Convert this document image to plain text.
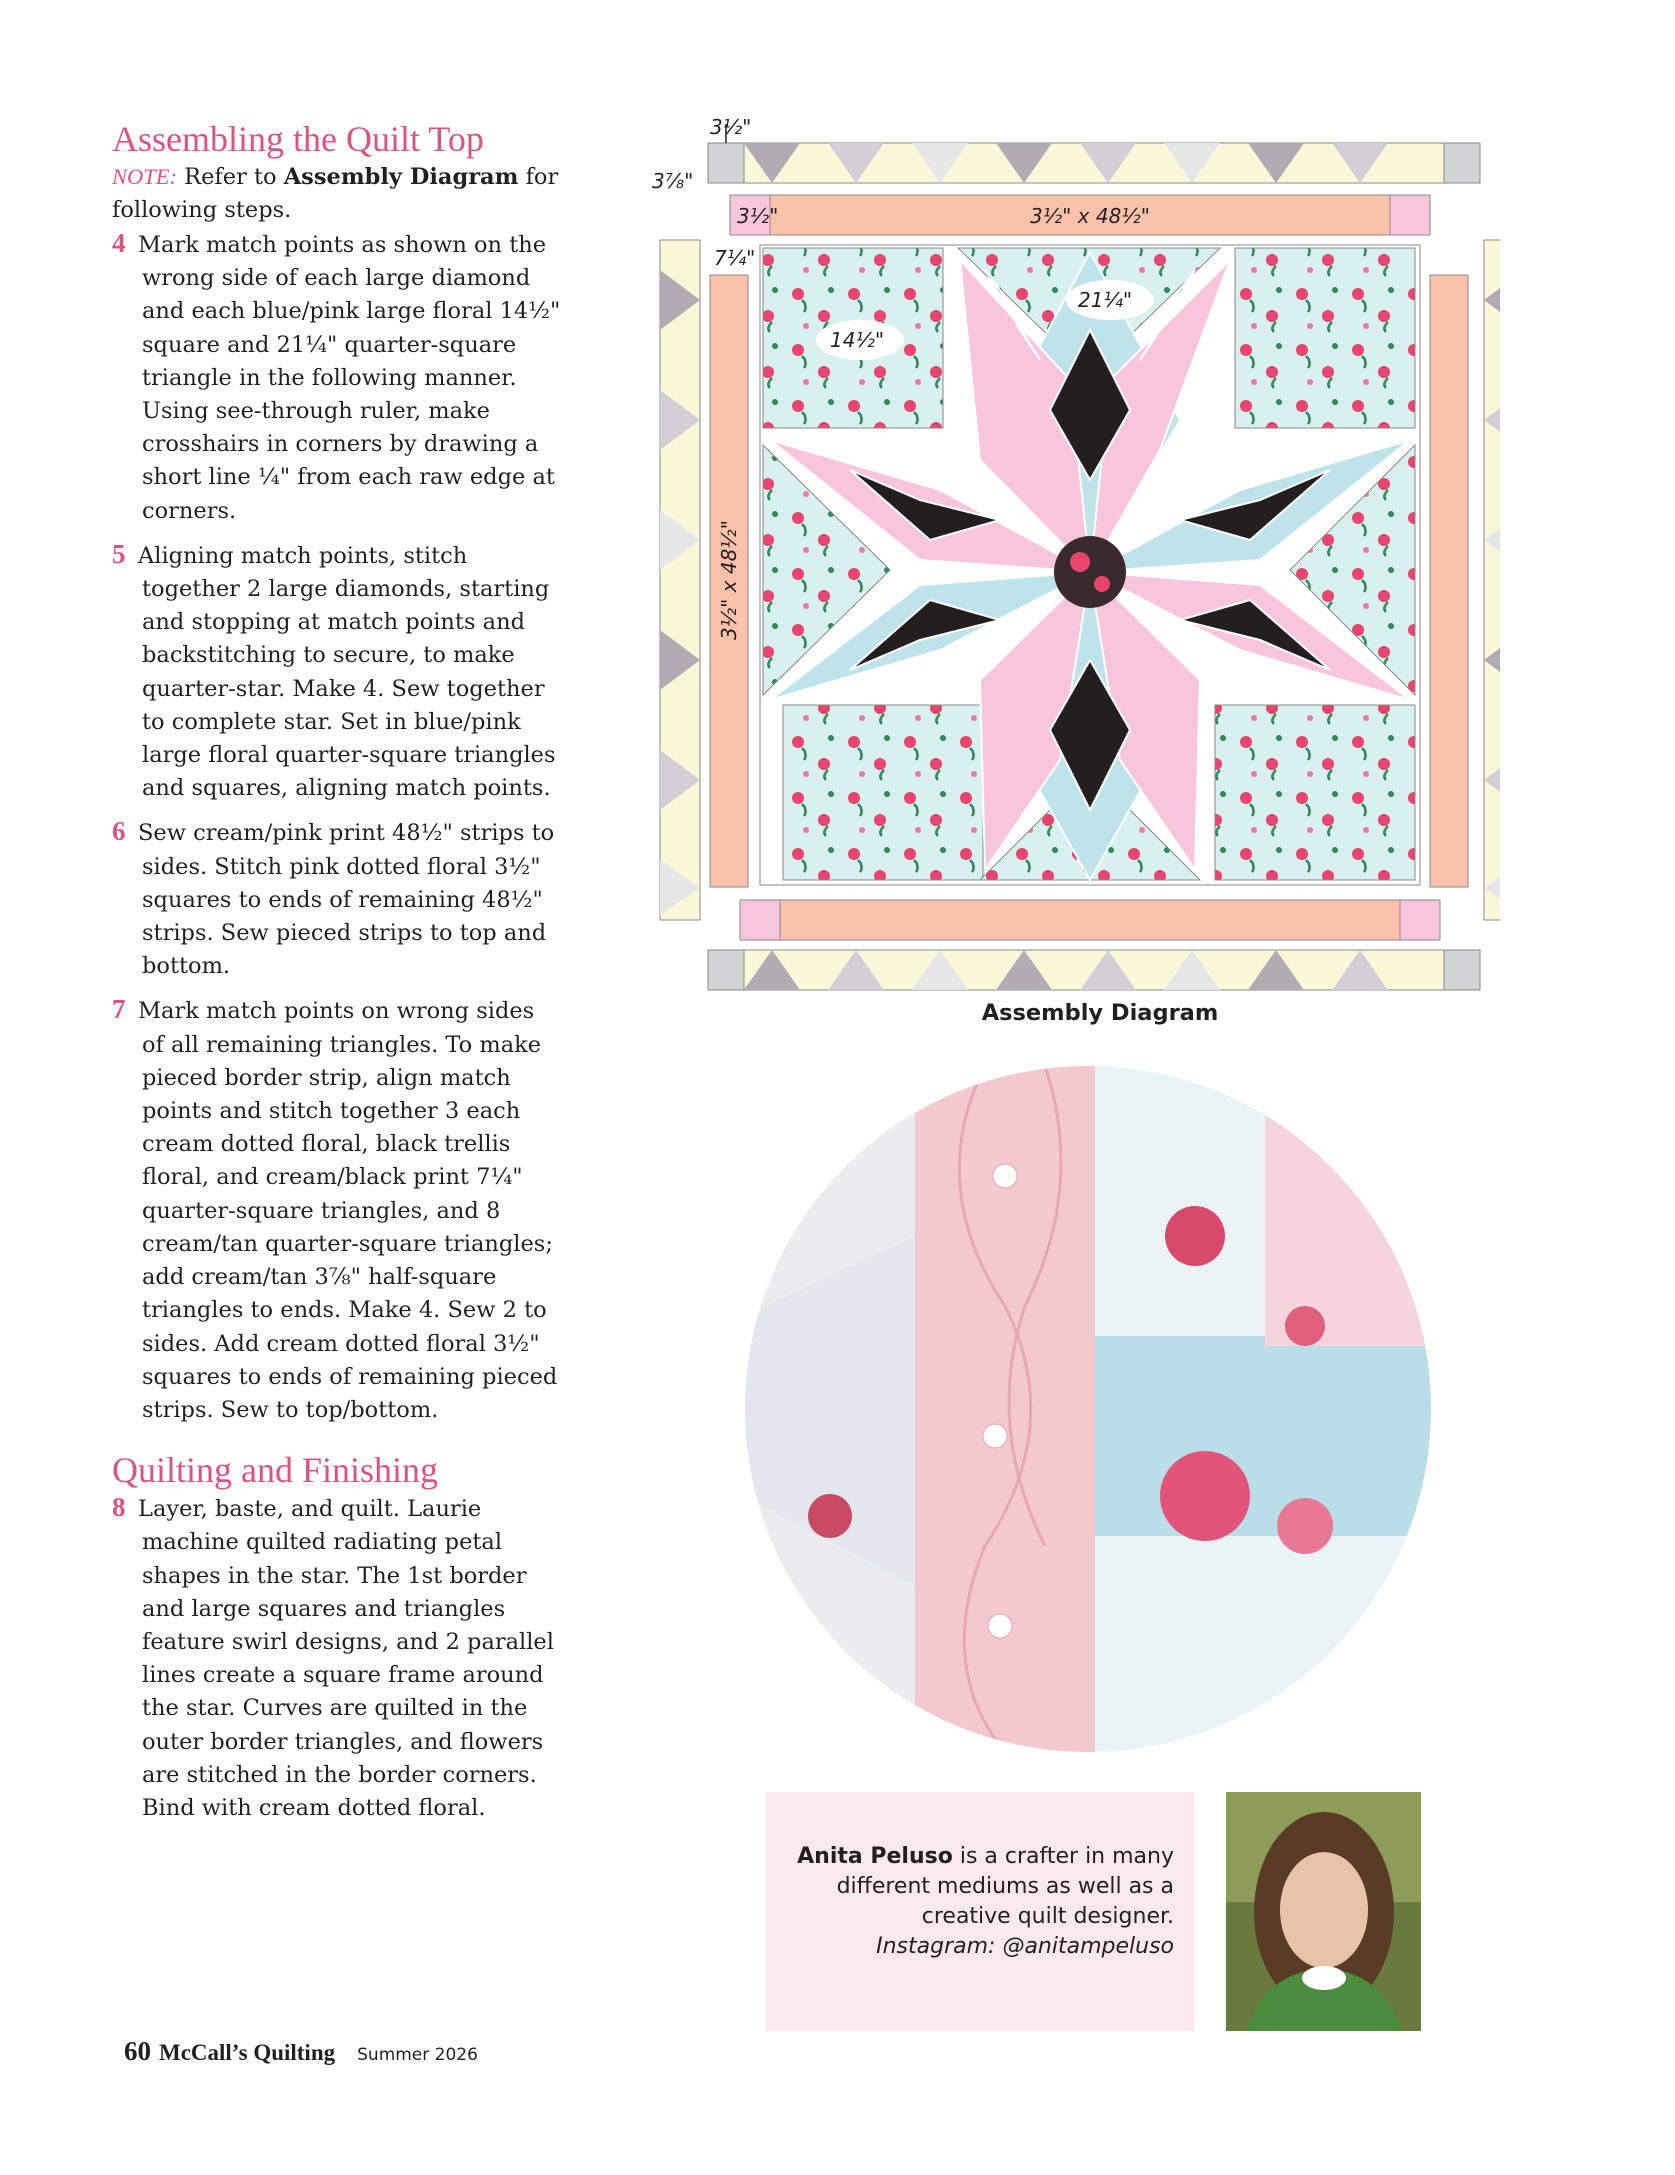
Assembling the Quilt Top
NOTE: Refer to Assembly Diagram for following steps.

4 Mark match points as shown on the wrong side of each large diamond and each blue/pink large floral 14½" square and 21¼" quarter-square triangle in the following manner. Using see-through ruler, make crosshairs in corners by drawing a short line ¼" from each raw edge at corners.

5 Aligning match points, stitch together 2 large diamonds, starting and stopping at match points and backstitching to secure, to make quarter-star. Make 4. Sew together to complete star. Set in blue/pink large floral quarter-square triangles and squares, aligning match points.

6 Sew cream/pink print 48½" strips to sides. Stitch pink dotted floral 3½" squares to ends of remaining 48½" strips. Sew pieced strips to top and bottom.

7 Mark match points on wrong sides of all remaining triangles. To make pieced border strip, align match points and stitch together 3 each cream dotted floral, black trellis floral, and cream/black print 7¼" quarter-square triangles, and 8 cream/tan quarter-square triangles; add cream/tan 3⅞" half-square triangles to ends. Make 4. Sew 2 to sides. Add cream dotted floral 3½" squares to ends of remaining pieced strips. Sew to top/bottom.

Quilting and Finishing

8 Layer, baste, and quilt. Laurie machine quilted radiating petal shapes in the star. The 1st border and large squares and triangles feature swirl designs, and 2 parallel lines create a square frame around the star. Curves are quilted in the outer border triangles, and flowers are stitched in the border corners. Bind with cream dotted floral.

3½"
3⅞"
3½"	3½" x 48½"
7¼"
21¼"
14½"
3½" x 48½"
Assembly Diagram
Anita Peluso is a crafter in many different mediums as well as a creative quilt designer.
Instagram: @anitampeluso
60 McCall’s Quilting Summer 2026
